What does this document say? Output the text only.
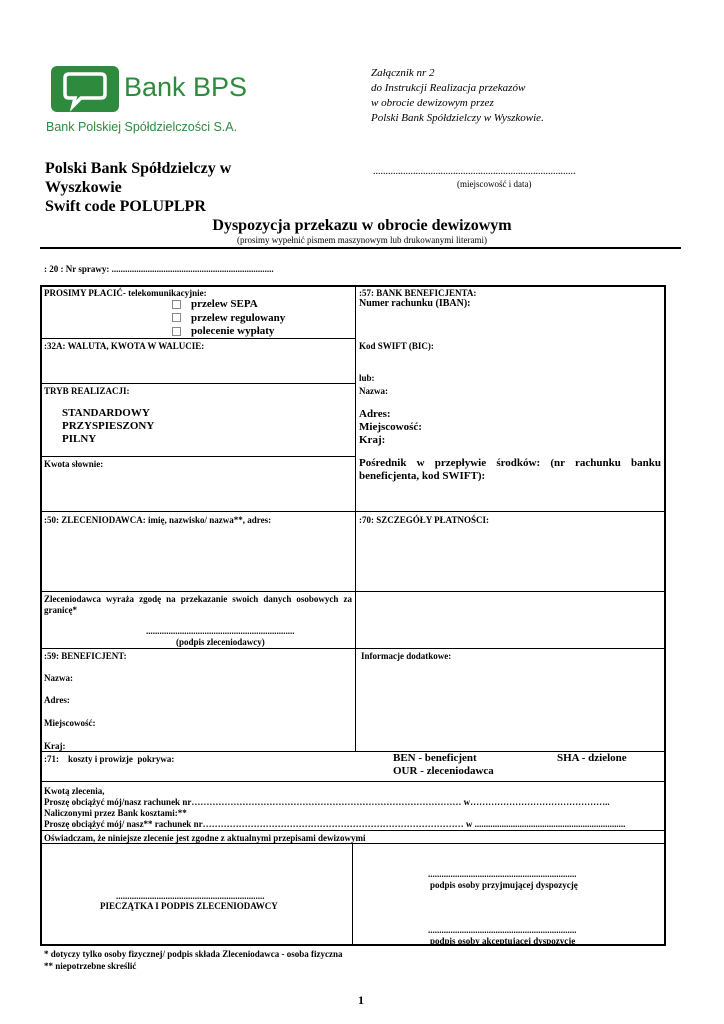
Bank BPS
Bank Polskiej Spółdzielczości S.A.
Załącznik nr 2
do Instrukcji Realizacja przekazów
w obrocie dewizowym przez
Polski Bank Spółdzielczy w Wyszkowie.
Polski Bank Spółdzielczy w
Wyszkowie
Swift code POLUPLPR
.................................................................................
(miejscowość i data)
Dyspozycja przekazu w obrocie dewizowym
(prosimy wypełnić pismem maszynowym lub drukowanymi literami)
: 20 : Nr sprawy: ........................................................................
PROSIMY PŁACIĆ- telekomunikacyjnie:
przelew SEPA
przelew regulowany
polecenie wypłaty
:32A: WALUTA, KWOTA W WALUCIE:
TRYB REALIZACJI:
STANDARDOWY
PRZYSPIESZONY
PILNY
Kwota słownie:
:50: ZLECENIODAWCA: imię, nazwisko/ nazwa**, adres:
Zleceniodawca wyraża zgodę na przekazanie swoich danych osobowych za granicę*
..................................................................
(podpis zleceniodawcy)
:59: BENEFICJENT:
Nazwa:
Adres:
Miejscowość:
Kraj:
:57: BANK BENEFICJENTA:
Numer rachunku (IBAN):
Kod SWIFT (BIC):
lub:
Nazwa:
Adres:
Miejscowość:
Kraj:
Pośrednik w przepływie środków: (nr rachunku banku beneficjenta, kod SWIFT):
:70: SZCZEGÓŁY PŁATNOŚCI:
Informacje dodatkowe:
:71:    koszty i prowizje  pokrywa:	BEN - beneficjent	SHA - dzielone
OUR - zleceniodawca
Kwotą zlecenia,
Proszę obciążyć mój/nasz rachunek nr……………………………………………………………………………… w………………………………………..
Naliczonymi przez Bank kosztami:**
Proszę obciążyć mój/ nasz** rachunek nr…………………………………………………………………………… w ...................................................................
Oświadczam, że niniejsze zlecenie jest zgodne z aktualnymi przepisami dewizowymi
..................................................................
PIECZĄTKA I PODPIS ZLECENIODAWCY
..................................................................
podpis osoby przyjmującej dyspozycję
..................................................................
podpis osoby akceptującej dyspozycję
* dotyczy tylko osoby fizycznej/ podpis składa Zleceniodawca - osoba fizyczna
** niepotrzebne skreślić
1
